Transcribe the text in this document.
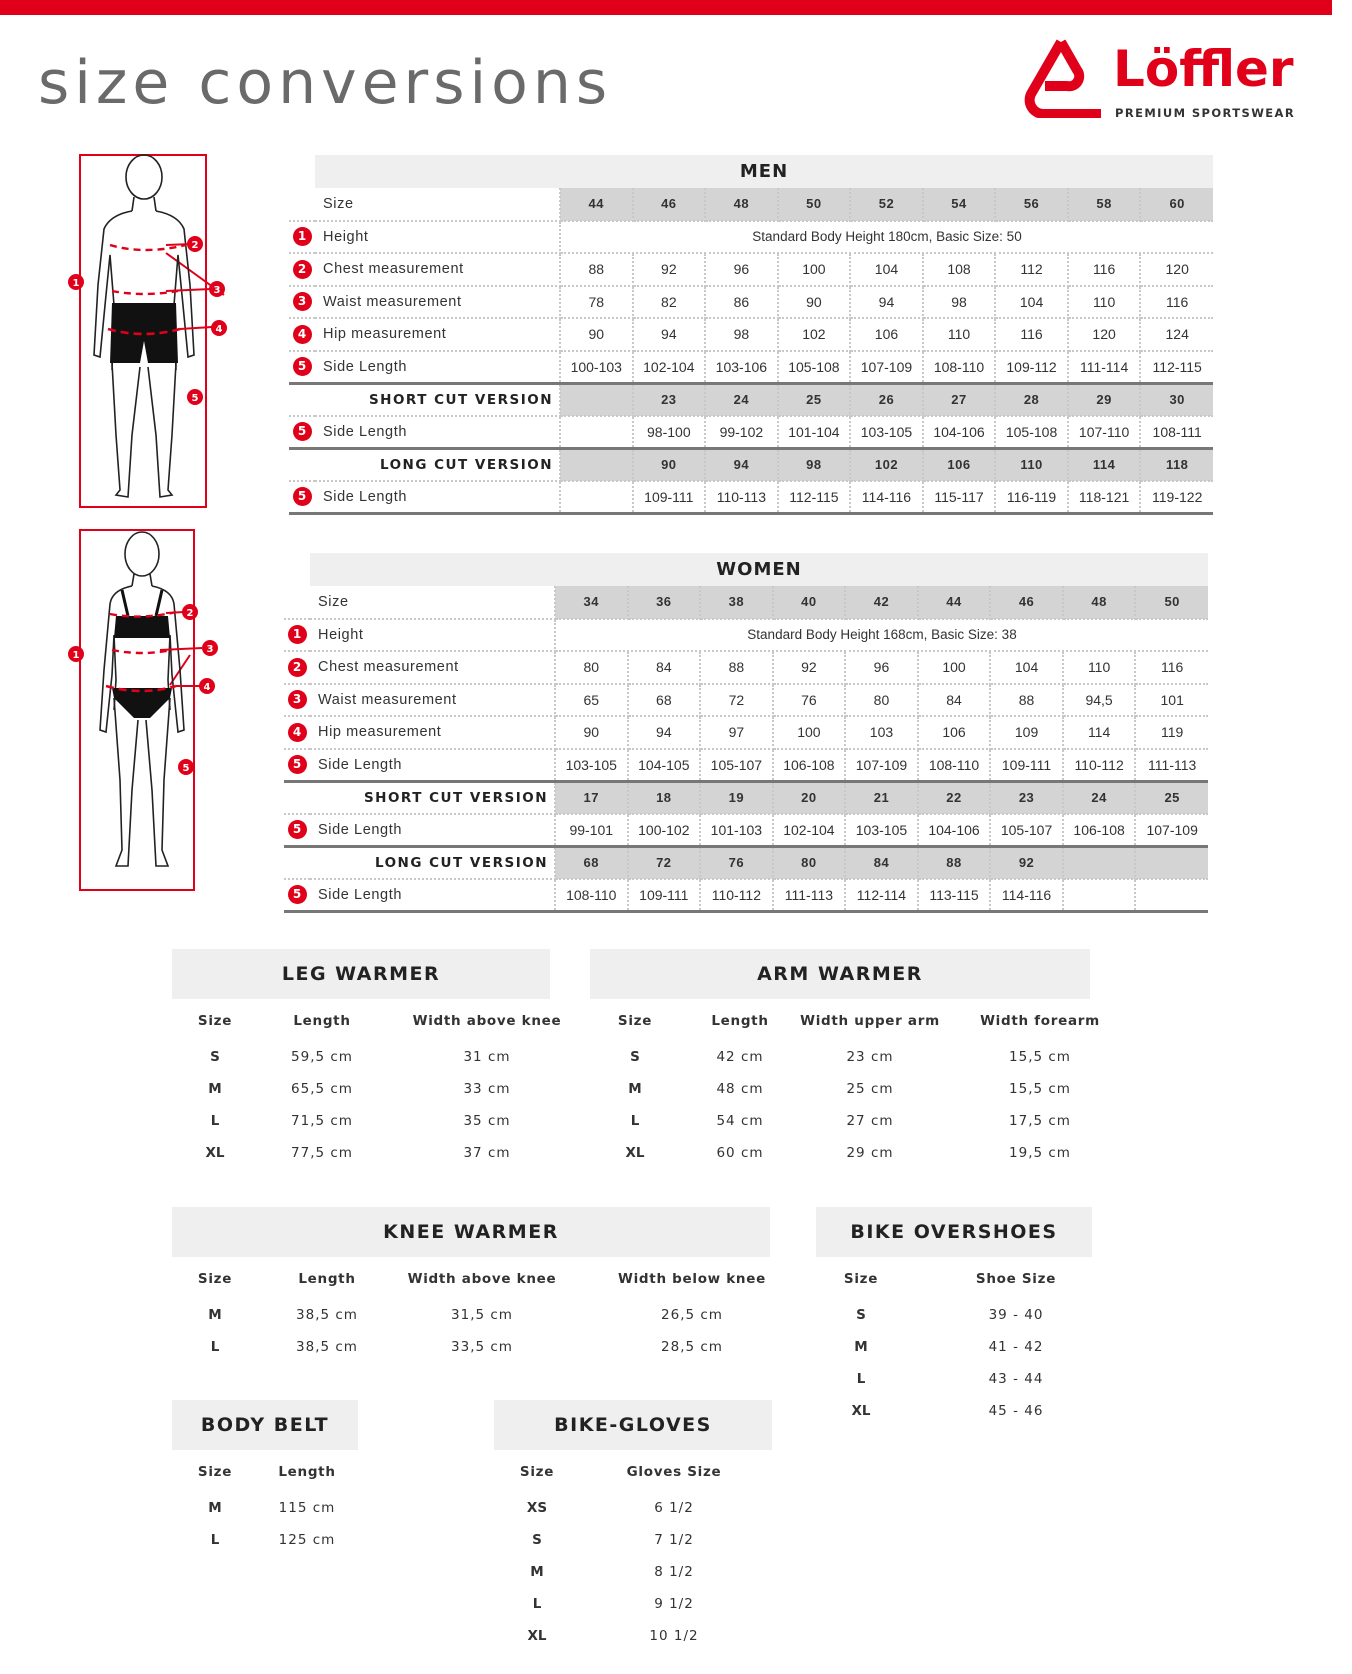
size conversions	Löffler
PREMIUM SPORTSWEAR
1
2
3
4
5
1
2
3
4
5
	MEN									
	Size	44	46	48	50	52	54	56	58	60
1	Height	Standard Body Height 180cm, Basic Size: 50								
2	Chest measurement	88	92	96	100	104	108	112	116	120
3	Waist measurement	78	82	86	90	94	98	104	110	116
4	Hip measurement	90	94	98	102	106	110	116	120	124
5	Side Length	100-103	102-104	103-106	105-108	107-109	108-110	109-112	111-114	112-115
	SHORT CUT VERSION		23	24	25	26	27	28	29	30
5	Side Length		98-100	99-102	101-104	103-105	104-106	105-108	107-110	108-111
	LONG CUT VERSION		90	94	98	102	106	110	114	118
5	Side Length		109-111	110-113	112-115	114-116	115-117	116-119	118-121	119-122
	WOMEN									
	Size	34	36	38	40	42	44	46	48	50
1	Height	Standard Body Height 168cm, Basic Size: 38								
2	Chest measurement	80	84	88	92	96	100	104	110	116
3	Waist measurement	65	68	72	76	80	84	88	94,5	101
4	Hip measurement	90	94	97	100	103	106	109	114	119
5	Side Length	103-105	104-105	105-107	106-108	107-109	108-110	109-111	110-112	111-113
	SHORT CUT VERSION	17	18	19	20	21	22	23	24	25
5	Side Length	99-101	100-102	101-103	102-104	103-105	104-106	105-107	106-108	107-109
	LONG CUT VERSION	68	72	76	80	84	88	92		
5	Side Length	108-110	109-111	110-112	111-113	112-114	113-115	114-116		
LEG WARMER
Size	Length	Width above knee
S	59,5 cm	31 cm
M	65,5 cm	33 cm
L	71,5 cm	35 cm
XL	77,5 cm	37 cm
ARM WARMER
Size	Length	Width upper arm	Width forearm
S	42 cm	23 cm	15,5 cm
M	48 cm	25 cm	15,5 cm
L	54 cm	27 cm	17,5 cm
XL	60 cm	29 cm	19,5 cm
KNEE WARMER
Size	Length	Width above knee	Width below knee
M	38,5 cm	31,5 cm	26,5 cm
L	38,5 cm	33,5 cm	28,5 cm
BIKE OVERSHOES
Size	Shoe Size
S	39 - 40
M	41 - 42
L	43 - 44
XL	45 - 46
BODY BELT
Size	Length
M	115 cm
L	125 cm
BIKE-GLOVES
Size	Gloves Size
XS	6 1/2
S	7 1/2
M	8 1/2
L	9 1/2
XL	10 1/2
